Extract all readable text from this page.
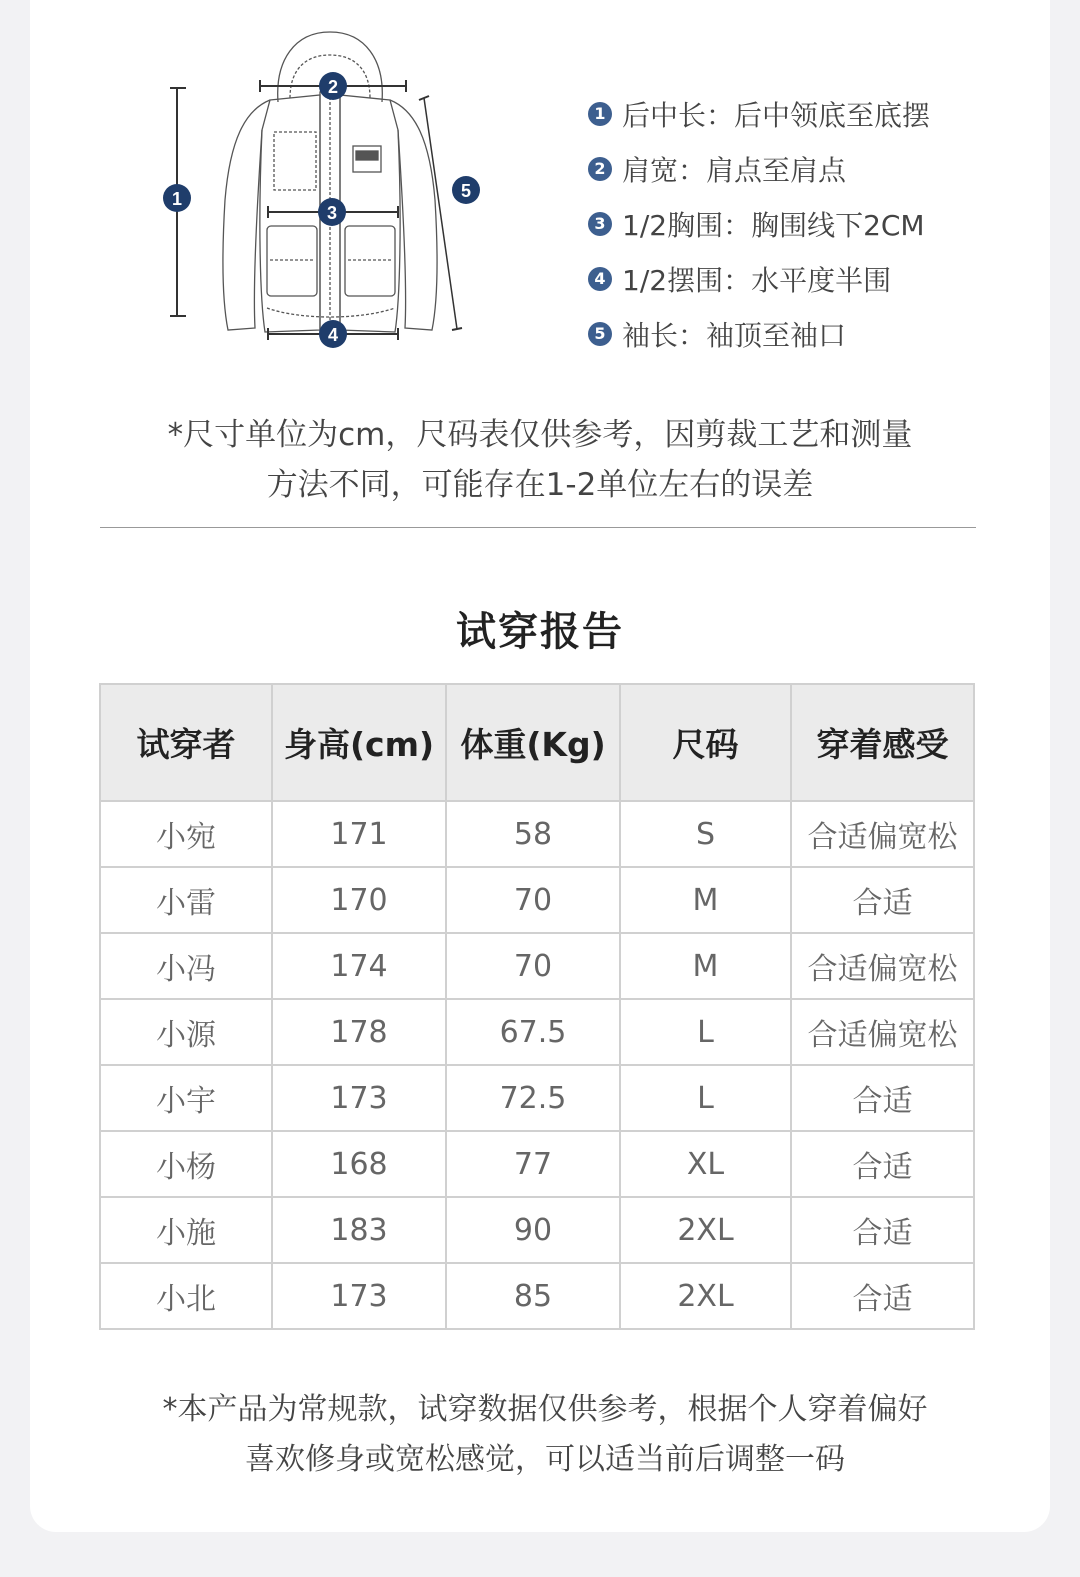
1
2
3
4
5
1 后中长：后中领底至底摆
2 肩宽：肩点至肩点
3 1/2胸围：胸围线下2CM
4 1/2摆围：水平度半围
5 袖长：袖顶至袖口
*尺寸单位为cm，尺码表仅供参考，因剪裁工艺和测量
方法不同，可能存在1-2单位左右的误差
试穿报告
试穿者	身高(cm)	体重(Kg)	尺码	穿着感受
小宛	171	58	S	合适偏宽松
小雷	170	70	M	合适
小冯	174	70	M	合适偏宽松
小源	178	67.5	L	合适偏宽松
小宇	173	72.5	L	合适
小杨	168	77	XL	合适
小施	183	90	2XL	合适
小北	173	85	2XL	合适
*本产品为常规款，试穿数据仅供参考，根据个人穿着偏好
喜欢修身或宽松感觉，可以适当前后调整一码
